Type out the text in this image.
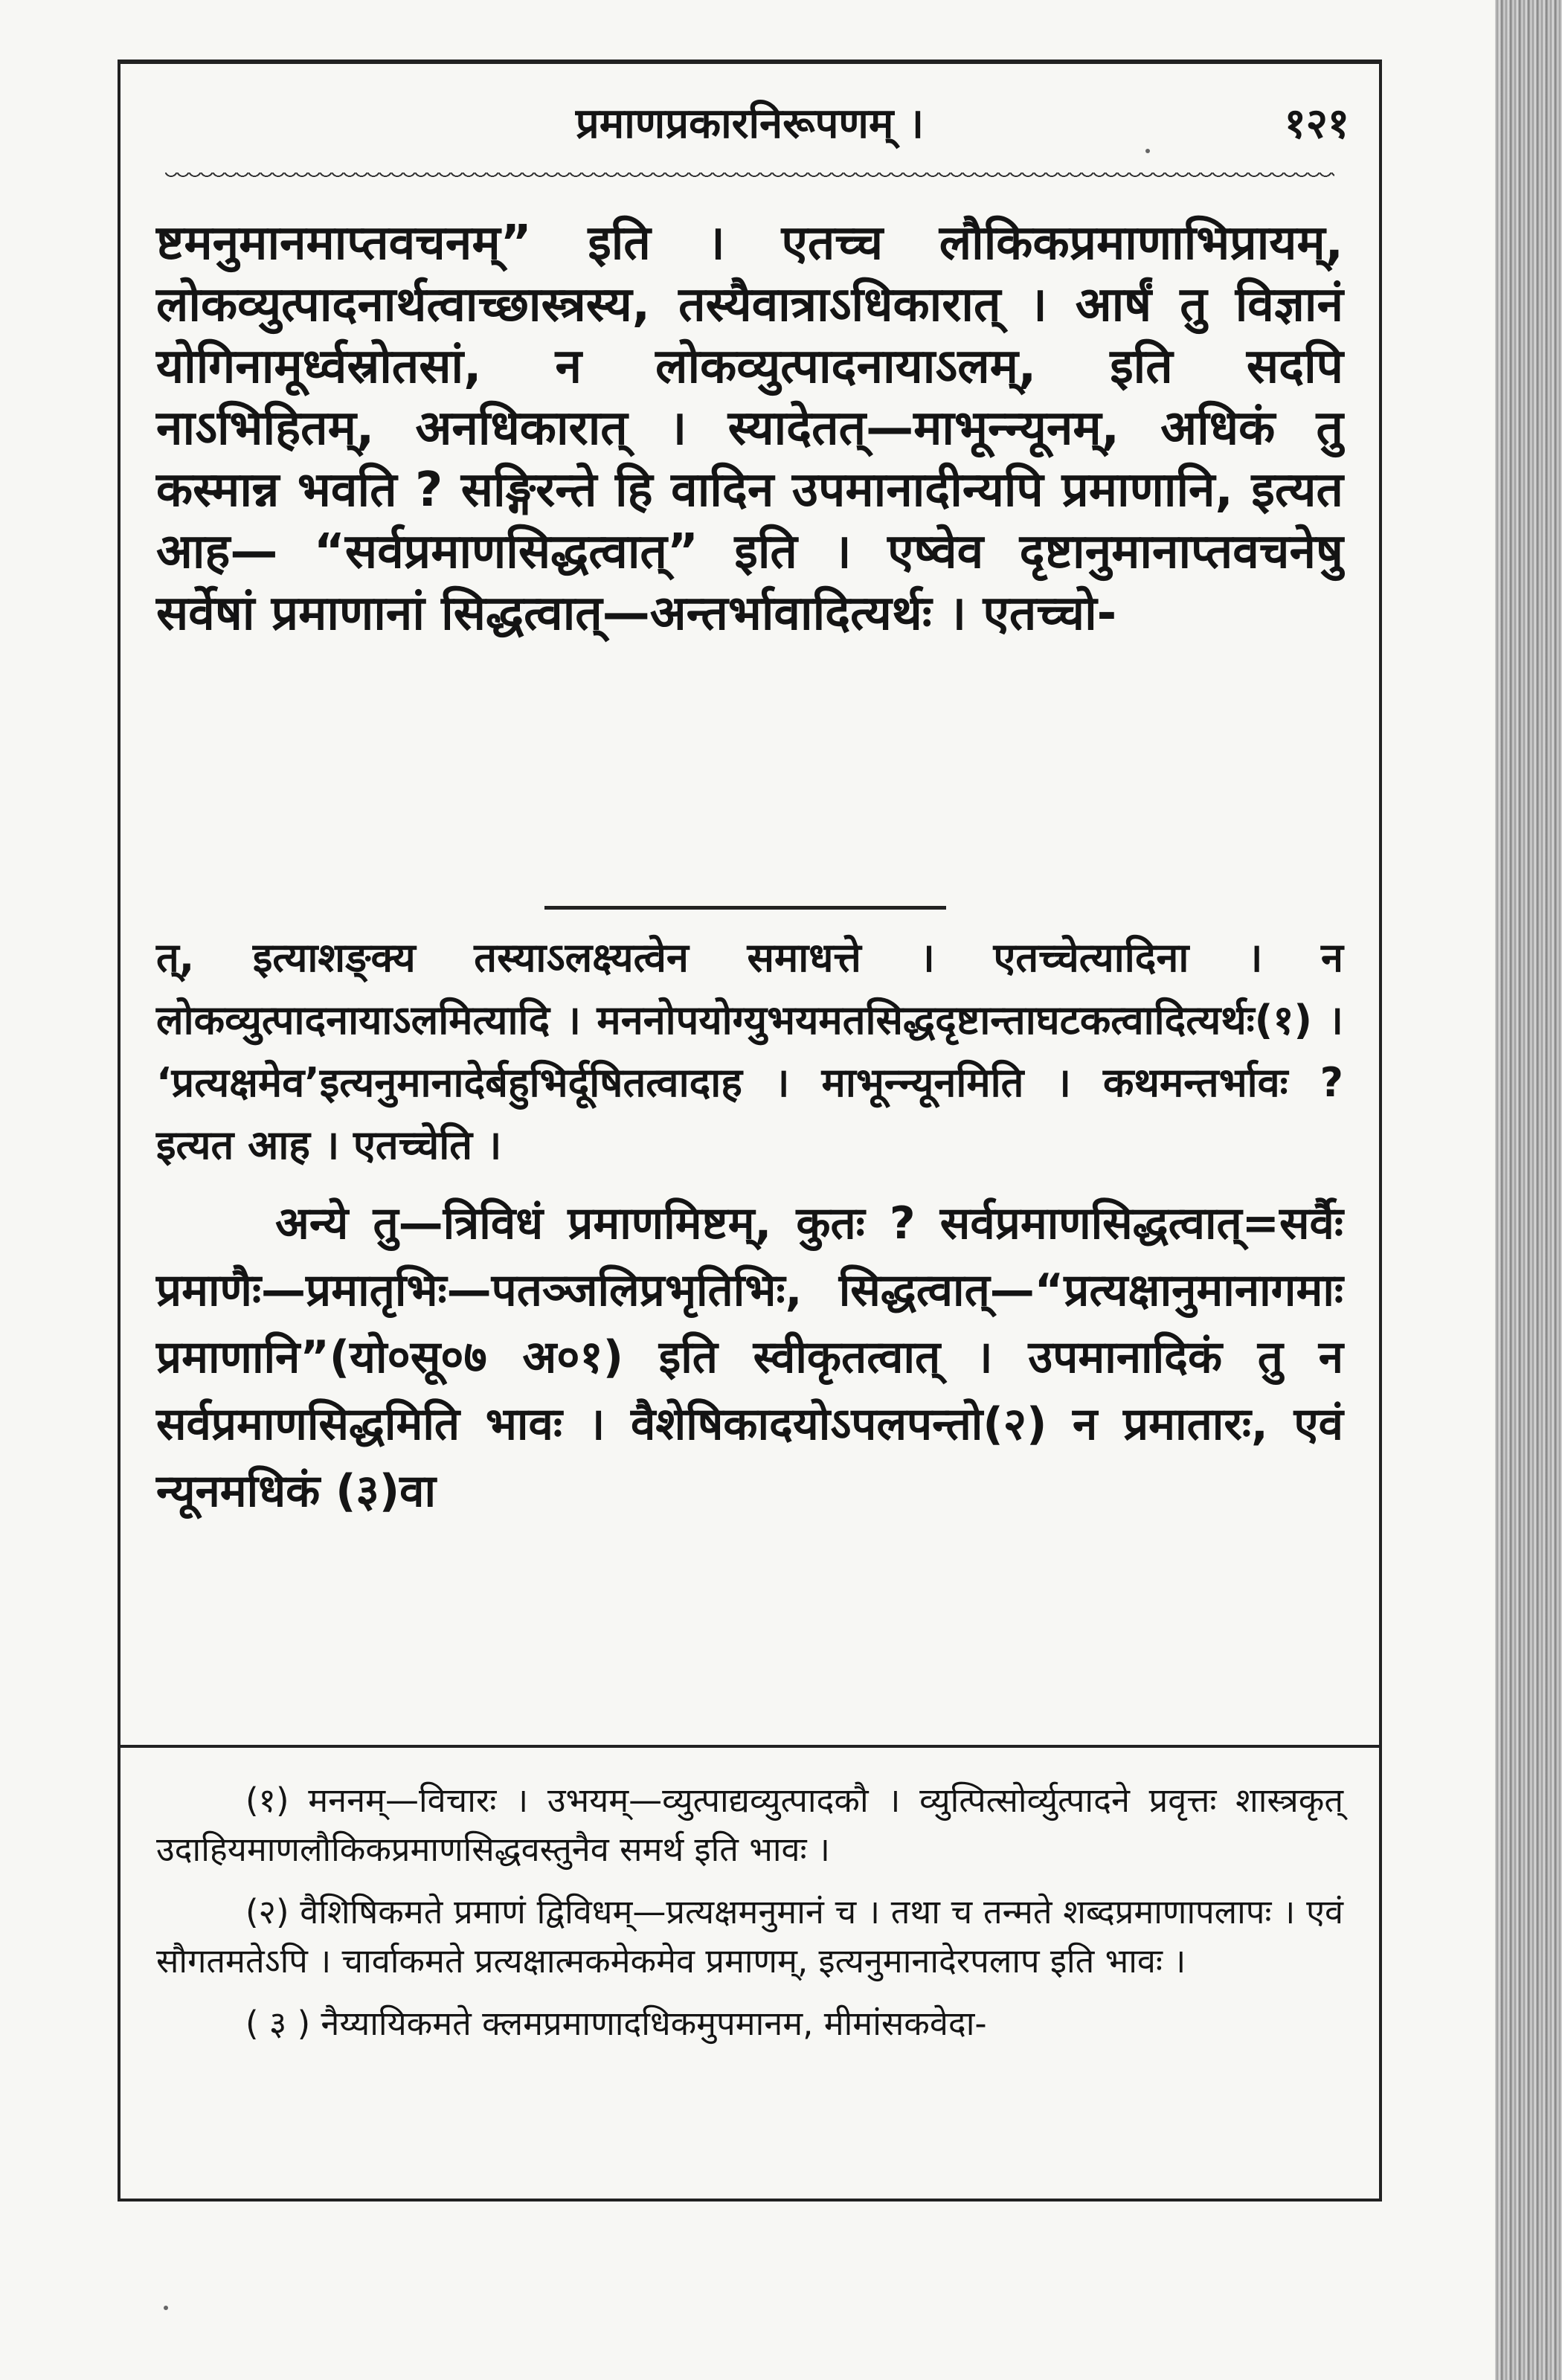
प्रमाणप्रकारनिरूपणम् ।	१२१
ष्टमनुमानमाप्तवचनम्” इति । एतच्च लौकिकप्रमाणाभिप्रायम्, लोकव्युत्पादनार्थत्वाच्छास्त्रस्य, तस्यैवात्राऽधिकारात् । आर्षं तु विज्ञानं योगिनामूर्ध्वस्रोतसां, न लोकव्युत्पादनायाऽलम्, इति सदपि नाऽभिहितम्, अनधिकारात् । स्यादेतत्—माभून्न्यूनम्, अधिकं तु कस्मान्न भवति ? सङ्गिरन्ते हि वादिन उपमानादीन्यपि प्रमाणानि, इत्यत आह— “सर्वप्रमाणसिद्धत्वात्” इति । एष्वेव दृष्टानुमानाप्तवचनेषु सर्वेषां प्रमाणानां सिद्धत्वात्—अन्तर्भावादित्यर्थः । एतच्चो-

त्, इत्याशङ्क्य तस्याऽलक्ष्यत्वेन समाधत्ते । एतच्चेत्यादिना । न लोकव्युत्पादनायाऽलमित्यादि । मननोपयोग्युभयमतसिद्धदृष्टान्ताघटकत्वादित्यर्थः(१) । ‘प्रत्यक्षमेव’इत्यनुमानादेर्बहुभिर्दूषितत्वादाह । माभून्न्यूनमिति । कथमन्तर्भावः ? इत्यत आह । एतच्चेति ।

अन्ये तु—त्रिविधं प्रमाणमिष्टम्, कुतः ? सर्वप्रमाणसिद्धत्वात्=सर्वैः प्रमाणैः—प्रमातृभिः—पतञ्जलिप्रभृतिभिः, सिद्धत्वात्—“प्रत्यक्षानुमानागमाः प्रमाणानि”(यो०सू०७ अ०१) इति स्वीकृतत्वात् । उपमानादिकं तु न सर्वप्रमाणसिद्धमिति भावः । वैशेषिकादयोऽपलपन्तो(२) न प्रमातारः, एवं न्यूनमधिकं (३)वा

(१) मननम्—विचारः । उभयम्—व्युत्पाद्यव्युत्पादकौ । व्युत्पित्सोर्व्युत्पादने प्रवृत्तः शास्त्रकृत् उदाहियमाणलौकिकप्रमाणसिद्धवस्तुनैव समर्थ इति भावः ।

(२) वैशिषिकमते प्रमाणं द्विविधम्—प्रत्यक्षमनुमानं च । तथा च तन्मते शब्दप्रमाणापलापः । एवं सौगतमतेऽपि । चार्वाकमते प्रत्यक्षात्मकमेकमेव प्रमाणम्, इत्यनुमानादेरपलाप इति भावः ।

( ३ ) नैय्यायिकमते क्लमप्रमाणादधिकमुपमानम, मीमांसकवेदा-
